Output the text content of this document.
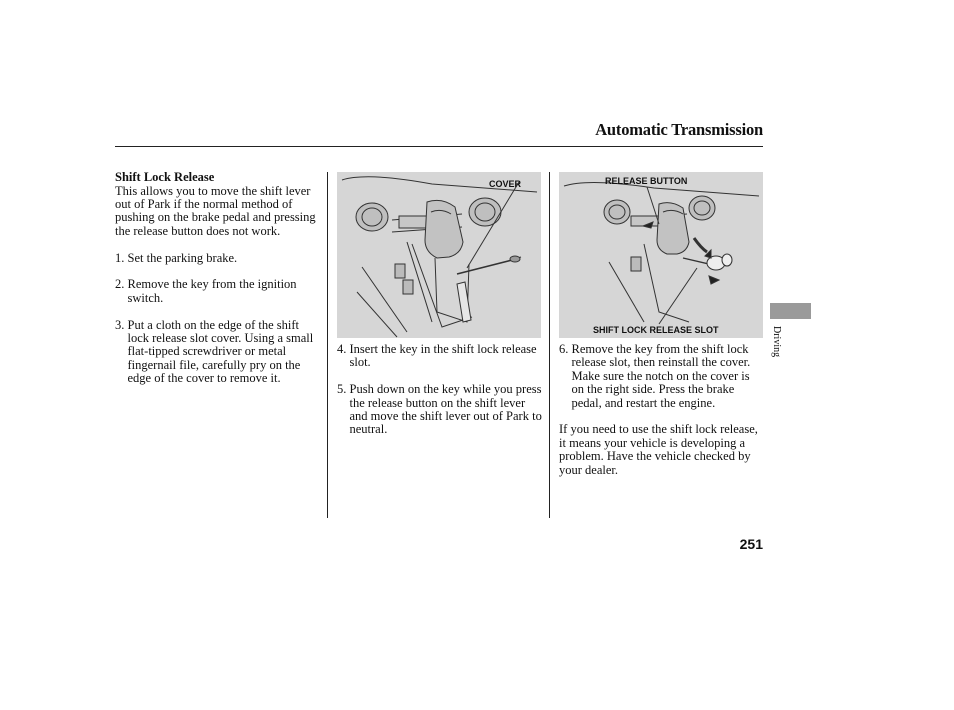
Automatic Transmission
Shift Lock Release

This allows you to move the shift lever out of Park if the normal method of pushing on the brake pedal and pressing the release button does not work.

1. Set the parking brake.

2. Remove the key from the ignition switch.

3. Put a cloth on the edge of the shift lock release slot cover. Using a small flat-tipped screwdriver or metal fingernail file, carefully pry on the edge of the cover to remove it.

COVER	RELEASE BUTTON
SHIFT LOCK RELEASE SLOT

4. Insert the key in the shift lock release slot.

5. Push down on the key while you press the release button on the shift lever and move the shift lever out of Park to neutral.

6. Remove the key from the shift lock release slot, then reinstall the cover. Make sure the notch on the cover is on the right side. Press the brake pedal, and restart the engine.

If you need to use the shift lock release, it means your vehicle is developing a problem. Have the vehicle checked by your dealer.

Driving
251
